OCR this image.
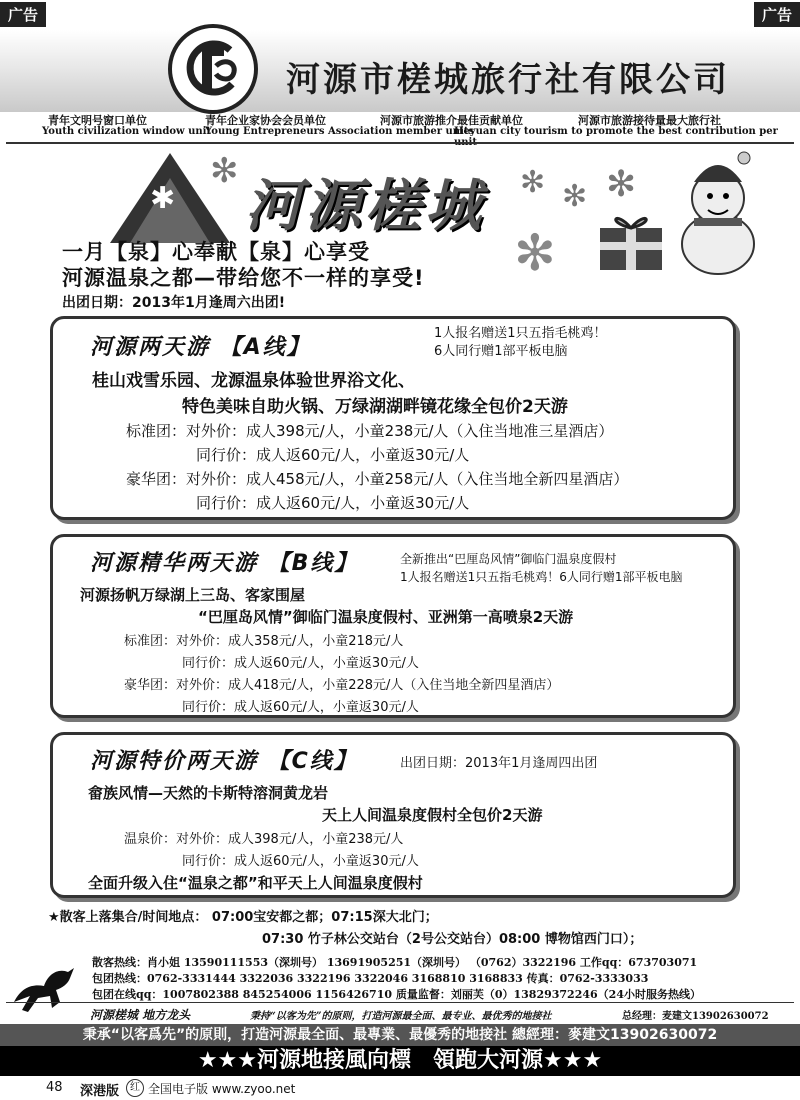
广告	广告
河源市槎城旅行社有限公司
青年文明号窗口单位	青年企业家协会会员单位	河源市旅游推介最佳贡献单位	河源市旅游接待量最大旅行社
Youth civilization window unit
Young Entrepreneurs Association member units
Heyuan city tourism to promote the best contribution per
✱
✻	✻ ✻ ✻
✻
河源槎城
一月【泉】心奉献【泉】心享受
河源温泉之都—带给您不一样的享受!
出团日期：2013年1月逢周六出团!
河源两天游 【A线】
1人报名赠送1只五指毛桃鸡！
6人同行赠1部平板电脑
桂山戏雪乐园、龙源温泉体验世界浴文化、
特色美味自助火锅、万绿湖湖畔镜花缘全包价2天游
标准团：对外价：成人398元/人，小童238元/人（入住当地准三星酒店）
同行价：成人返60元/人，小童返30元/人
豪华团：对外价：成人458元/人，小童258元/人（入住当地全新四星酒店）
同行价：成人返60元/人，小童返30元/人
河源精华两天游 【B线】	全新推出“巴厘岛风情”御临门温泉度假村
1人报名赠送1只五指毛桃鸡！6人同行赠1部平板电脑
河源扬帆万绿湖上三岛、客家围屋
“巴厘岛风情”御临门温泉度假村、亚洲第一高喷泉2天游
标准团：对外价：成人358元/人，小童218元/人
同行价：成人返60元/人，小童返30元/人
豪华团：对外价：成人418元/人，小童228元/人（入住当地全新四星酒店）
同行价：成人返60元/人，小童返30元/人
河源特价两天游 【C线】	出团日期：2013年1月逢周四出团
畲族风情—天然的卡斯特溶洞黄龙岩
天上人间温泉度假村全包价2天游
温泉价：对外价：成人398元/人，小童238元/人
同行价：成人返60元/人，小童返30元/人
全面升级入住“温泉之都”和平天上人间温泉度假村
★散客上落集合/时间地点： 07:00宝安都之都；07:15深大北门；
07:30 竹子林公交站台（2号公交站台）08:00 博物馆西门口）；
散客热线：肖小姐 13590111553（深圳号） 13691905251（深圳号） （0762）3322196 工作qq：673703071
包团热线：0762-3331444 3322036 3322196 3322046 3168810 3168833 传真：0762-3333033
包团在线qq：1007802388 845254006 1156426710 质量监督：刘丽芙（0）13829372246（24小时服务热线）
河源槎城 地方龙头	秉持“以客为先”的原则，打造河源最全面、最专业、最优秀的地接社	总经理：麦建文13902630072
秉承“以客爲先”的原則，打造河源最全面、最專業、最優秀的地接社 總經理：麥建文13902630072
★★★河源地接風向標　領跑大河源★★★
48 深港版	红 全国电子版 www.zyoo.net
